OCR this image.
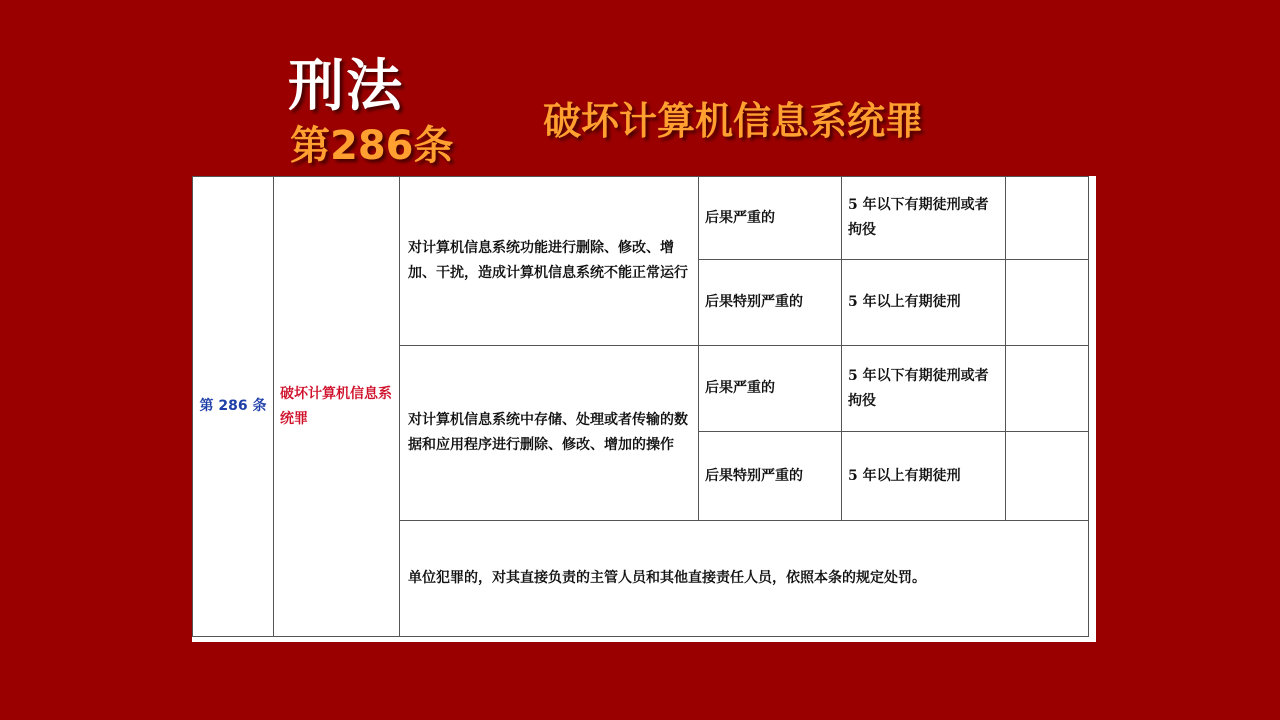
刑法
第286条
破坏计算机信息系统罪
第 286 条	破坏计算机信息系统罪	对计算机信息系统功能进行删除、修改、增加、干扰，造成计算机信息系统不能正常运行	后果严重的	5 年以下有期徒刑或者拘役	
			后果特别严重的	5 年以上有期徒刑	
		对计算机信息系统中存储、处理或者传输的数据和应用程序进行删除、修改、增加的操作	后果严重的	5 年以下有期徒刑或者拘役	
			后果特别严重的	5 年以上有期徒刑	
		单位犯罪的，对其直接负责的主管人员和其他直接责任人员，依照本条的规定处罚。			
